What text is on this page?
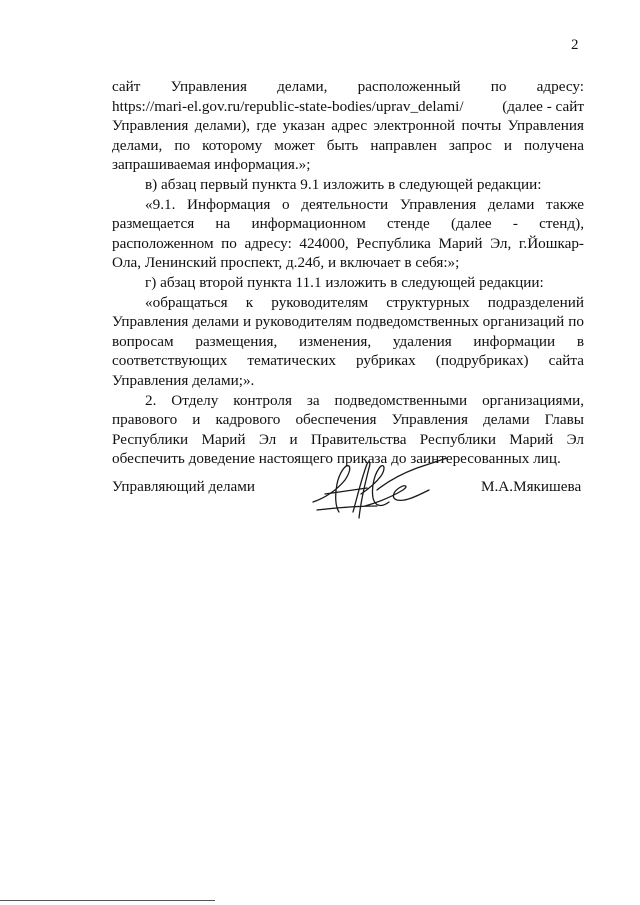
2

сайт Управления делами, расположенный по адресу:

https://mari-el.gov.ru/republic-state-bodies/uprav_delami/	(далее - сайт

Управления делами), где указан адрес электронной почты Управления делами, по которому может быть направлен запрос и получена запрашиваемая информация.»;

в) абзац первый пункта 9.1 изложить в следующей редакции:

«9.1. Информация о деятельности Управления делами также размещается на информационном стенде (далее - стенд), расположенном по адресу: 424000, Республика Марий Эл, г.Йошкар-Ола, Ленинский проспект, д.24б, и включает в себя:»;

г) абзац второй пункта 11.1 изложить в следующей редакции:

«обращаться к руководителям структурных подразделений Управления делами и руководителям подведомственных организаций по вопросам размещения, изменения, удаления информации в соответствующих тематических рубриках (подрубриках) сайта Управления делами;».

2. Отделу контроля за подведомственными организациями, правового и кадрового обеспечения Управления делами Главы Республики Марий Эл и Правительства Республики Марий Эл обеспечить доведение настоящего приказа до заинтересованных лиц.

Управляющий делами	М.А.Мякишева
